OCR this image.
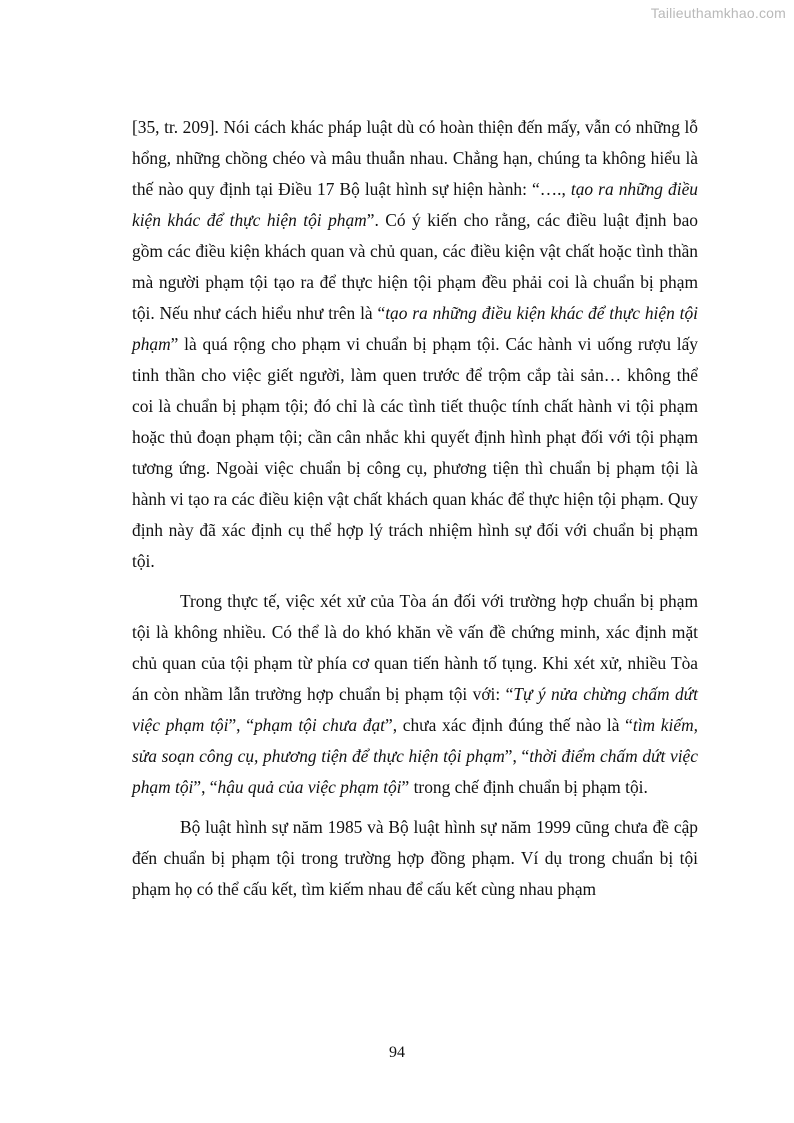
Tailieuthamkhao.com

[35, tr. 209]. Nói cách khác pháp luật dù có hoàn thiện đến mấy, vẫn có những lỗ hổng, những chồng chéo và mâu thuẫn nhau. Chẳng hạn, chúng ta không hiểu là thế nào quy định tại Điều 17 Bộ luật hình sự hiện hành: “…., tạo ra những điều kiện khác để thực hiện tội phạm”. Có ý kiến cho rằng, các điều luật định bao gồm các điều kiện khách quan và chủ quan, các điều kiện vật chất hoặc tình thần mà người phạm tội tạo ra để thực hiện tội phạm đều phải coi là chuẩn bị phạm tội. Nếu như cách hiểu như trên là “tạo ra những điều kiện khác để thực hiện tội phạm” là quá rộng cho phạm vi chuẩn bị phạm tội. Các hành vi uống rượu lấy tinh thần cho việc giết người, làm quen trước để trộm cắp tài sản… không thể coi là chuẩn bị phạm tội; đó chỉ là các tình tiết thuộc tính chất hành vi tội phạm hoặc thủ đoạn phạm tội; cần cân nhắc khi quyết định hình phạt đối với tội phạm tương ứng. Ngoài việc chuẩn bị công cụ, phương tiện thì chuẩn bị phạm tội là hành vi tạo ra các điều kiện vật chất khách quan khác để thực hiện tội phạm. Quy định này đã xác định cụ thể hợp lý trách nhiệm hình sự đối với chuẩn bị phạm tội.

Trong thực tế, việc xét xử của Tòa án đối với trường hợp chuẩn bị phạm tội là không nhiều. Có thể là do khó khăn về vấn đề chứng minh, xác định mặt chủ quan của tội phạm từ phía cơ quan tiến hành tố tụng. Khi xét xử, nhiều Tòa án còn nhầm lẫn trường hợp chuẩn bị phạm tội với: “Tự ý nửa chừng chấm dứt việc phạm tội”, “phạm tội chưa đạt”, chưa xác định đúng thế nào là “tìm kiếm, sửa soạn công cụ, phương tiện để thực hiện tội phạm”, “thời điểm chấm dứt việc phạm tội”, “hậu quả của việc phạm tội” trong chế định chuẩn bị phạm tội.

Bộ luật hình sự năm 1985 và Bộ luật hình sự năm 1999 cũng chưa đề cập đến chuẩn bị phạm tội trong trường hợp đồng phạm. Ví dụ trong chuẩn bị tội phạm họ có thể cấu kết, tìm kiếm nhau để cấu kết cùng nhau phạm

94
